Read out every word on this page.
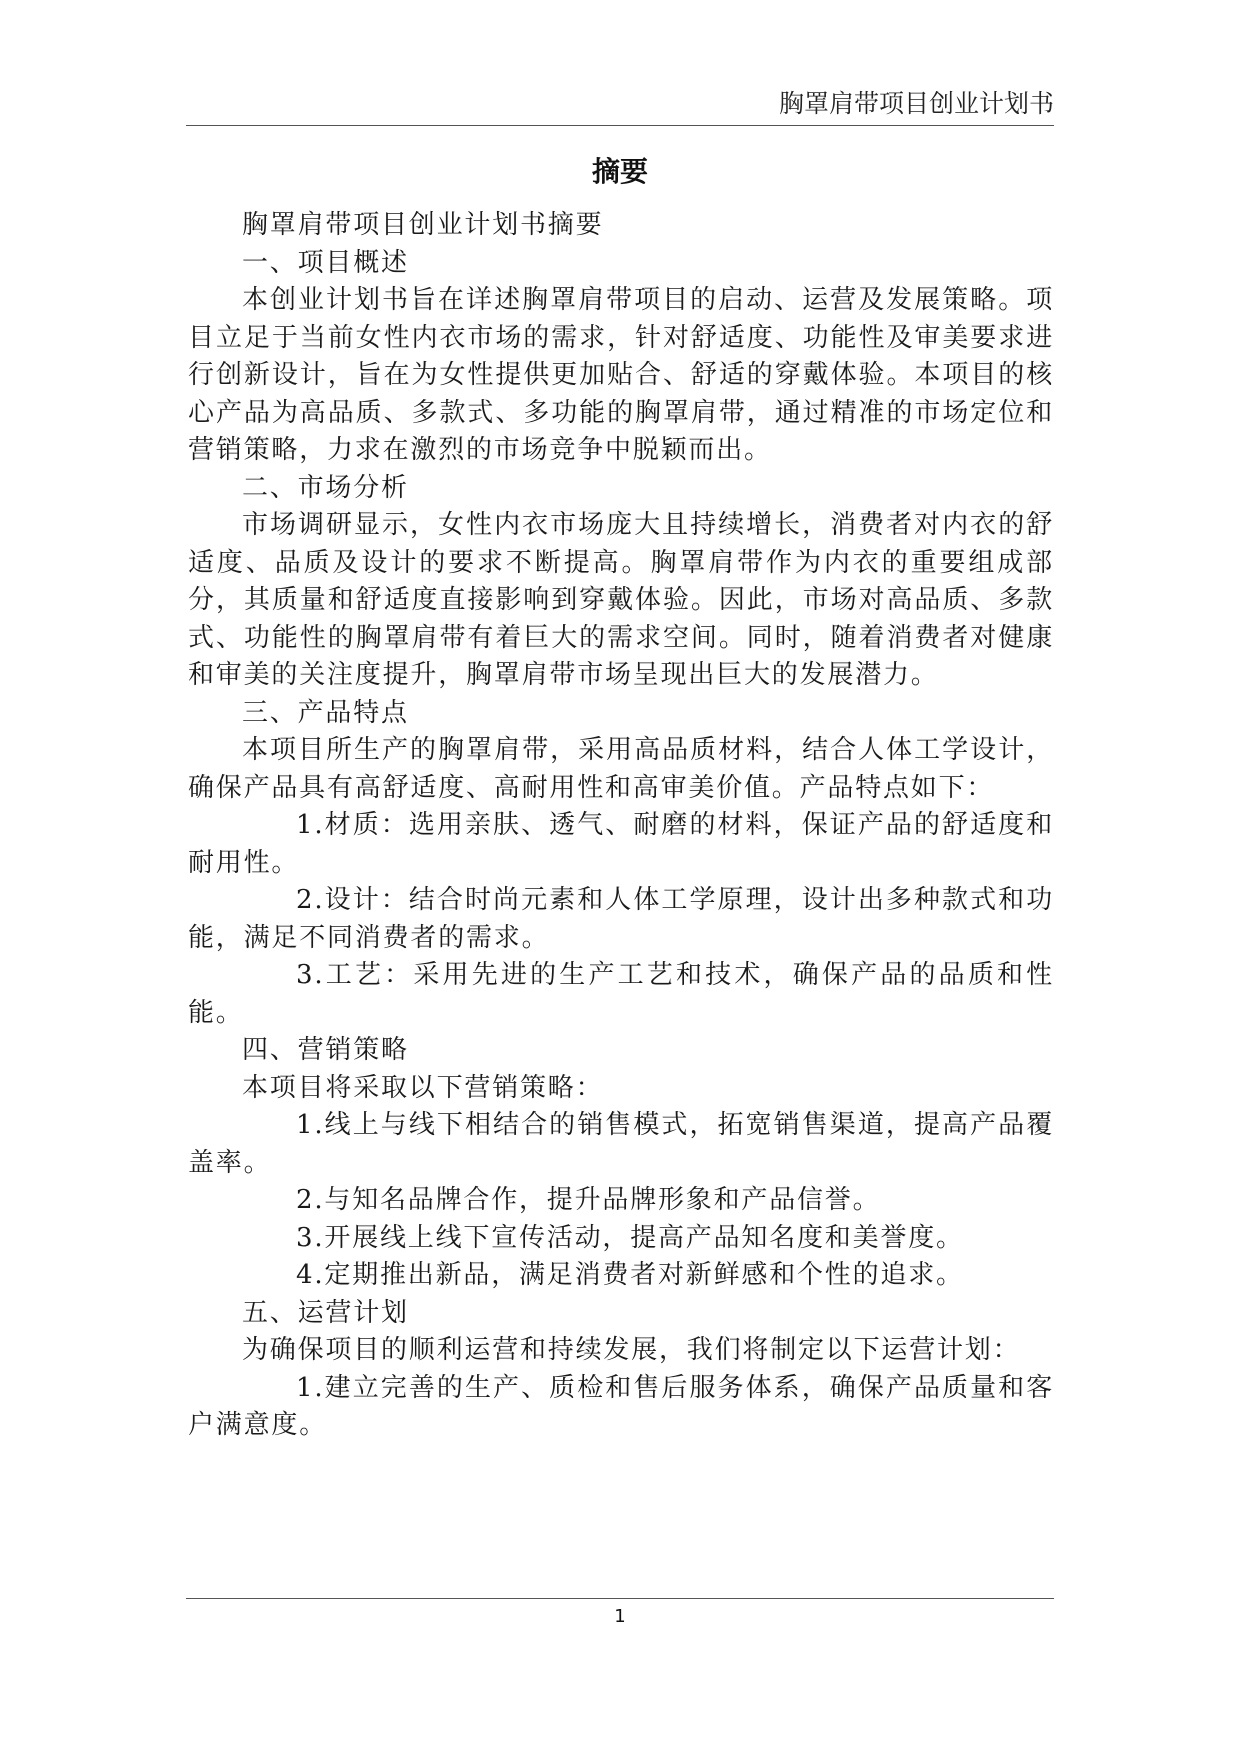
胸罩肩带项目创业计划书
摘要

胸罩肩带项目创业计划书摘要

一、项目概述

本创业计划书旨在详述胸罩肩带项目的启动、运营及发展策略。项目立足于当前女性内衣市场的需求，针对舒适度、功能性及审美要求进行创新设计，旨在为女性提供更加贴合、舒适的穿戴体验。本项目的核心产品为高品质、多款式、多功能的胸罩肩带，通过精准的市场定位和营销策略，力求在激烈的市场竞争中脱颖而出。

二、市场分析

市场调研显示，女性内衣市场庞大且持续增长，消费者对内衣的舒适度、品质及设计的要求不断提高。胸罩肩带作为内衣的重要组成部分，其质量和舒适度直接影响到穿戴体验。因此，市场对高品质、多款式、功能性的胸罩肩带有着巨大的需求空间。同时，随着消费者对健康和审美的关注度提升，胸罩肩带市场呈现出巨大的发展潜力。

三、产品特点

本项目所生产的胸罩肩带，采用高品质材料，结合人体工学设计，确保产品具有高舒适度、高耐用性和高审美价值。产品特点如下：

1.材质：选用亲肤、透气、耐磨的材料，保证产品的舒适度和耐用性。

2.设计：结合时尚元素和人体工学原理，设计出多种款式和功能，满足不同消费者的需求。

3.工艺：采用先进的生产工艺和技术，确保产品的品质和性能。

四、营销策略

本项目将采取以下营销策略：

1.线上与线下相结合的销售模式，拓宽销售渠道，提高产品覆盖率。

2.与知名品牌合作，提升品牌形象和产品信誉。

3.开展线上线下宣传活动，提高产品知名度和美誉度。

4.定期推出新品，满足消费者对新鲜感和个性的追求。

五、运营计划

为确保项目的顺利运营和持续发展，我们将制定以下运营计划：

1.建立完善的生产、质检和售后服务体系，确保产品质量和客户满意度。

1
